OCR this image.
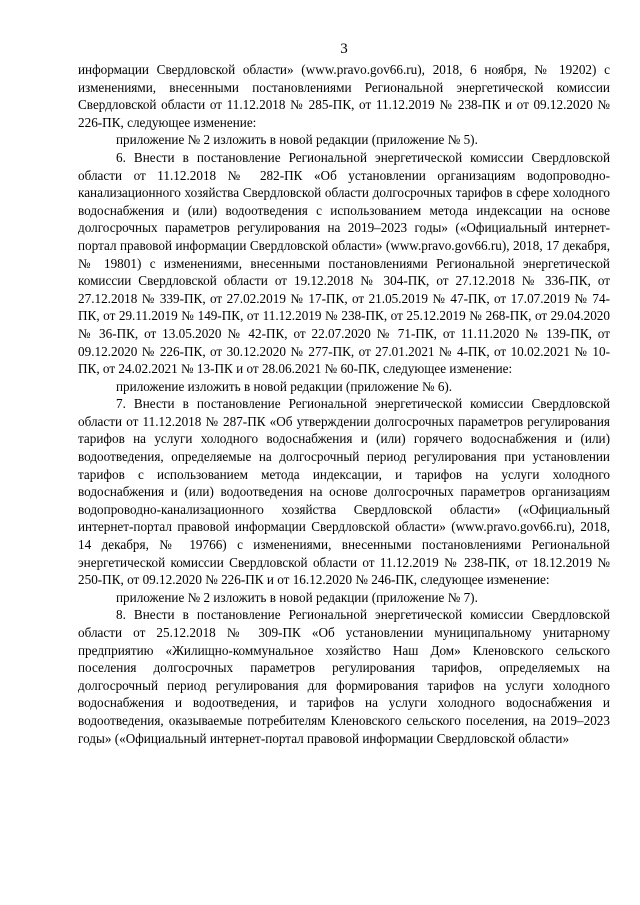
3

информации Свердловской области» (www.pravo.gov66.ru), 2018, 6 ноября, № 19202) с изменениями, внесенными постановлениями Региональной энергетической комиссии Свердловской области от 11.12.2018 № 285-ПК, от 11.12.2019 № 238-ПК и от 09.12.2020 № 226-ПК, следующее изменение:

приложение № 2 изложить в новой редакции (приложение № 5).

6. Внести в постановление Региональной энергетической комиссии Свердловской области от 11.12.2018 № 282-ПК «Об установлении организациям водопроводно-канализационного хозяйства Свердловской области долгосрочных тарифов в сфере холодного водоснабжения и (или) водоотведения с использованием метода индексации на основе долгосрочных параметров регулирования на 2019–2023 годы» («Официальный интернет-портал правовой информации Свердловской области» (www.pravo.gov66.ru), 2018, 17 декабря, № 19801) с изменениями, внесенными постановлениями Региональной энергетической комиссии Свердловской области от 19.12.2018 № 304-ПК, от 27.12.2018 № 336-ПК, от 27.12.2018 № 339-ПК, от 27.02.2019 № 17-ПК, от 21.05.2019 № 47-ПК, от 17.07.2019 № 74-ПК, от 29.11.2019 № 149-ПК, от 11.12.2019 № 238-ПК, от 25.12.2019 № 268-ПК, от 29.04.2020 № 36-ПК, от 13.05.2020 № 42-ПК, от 22.07.2020 № 71-ПК, от 11.11.2020 № 139-ПК, от 09.12.2020 № 226-ПК, от 30.12.2020 № 277-ПК, от 27.01.2021 № 4-ПК, от 10.02.2021 № 10-ПК, от 24.02.2021 № 13-ПК и от 28.06.2021 № 60-ПК, следующее изменение:

приложение изложить в новой редакции (приложение № 6).

7. Внести в постановление Региональной энергетической комиссии Свердловской области от 11.12.2018 № 287-ПК «Об утверждении долгосрочных параметров регулирования тарифов на услуги холодного водоснабжения и (или) горячего водоснабжения и (или) водоотведения, определяемые на долгосрочный период регулирования при установлении тарифов с использованием метода индексации, и тарифов на услуги холодного водоснабжения и (или) водоотведения на основе долгосрочных параметров организациям водопроводно-канализационного хозяйства Свердловской области» («Официальный интернет-портал правовой информации Свердловской области» (www.pravo.gov66.ru), 2018, 14 декабря, № 19766) с изменениями, внесенными постановлениями Региональной энергетической комиссии Свердловской области от 11.12.2019 № 238-ПК, от 18.12.2019 № 250-ПК, от 09.12.2020 № 226-ПК и от 16.12.2020 № 246-ПК, следующее изменение:

приложение № 2 изложить в новой редакции (приложение № 7).

8. Внести в постановление Региональной энергетической комиссии Свердловской области от 25.12.2018 № 309-ПК «Об установлении муниципальному унитарному предприятию «Жилищно-коммунальное хозяйство Наш Дом» Кленовского сельского поселения долгосрочных параметров регулирования тарифов, определяемых на долгосрочный период регулирования для формирования тарифов на услуги холодного водоснабжения и водоотведения, и тарифов на услуги холодного водоснабжения и водоотведения, оказываемые потребителям Кленовского сельского поселения, на 2019–2023 годы» («Официальный интернет-портал правовой информации Свердловской области»
